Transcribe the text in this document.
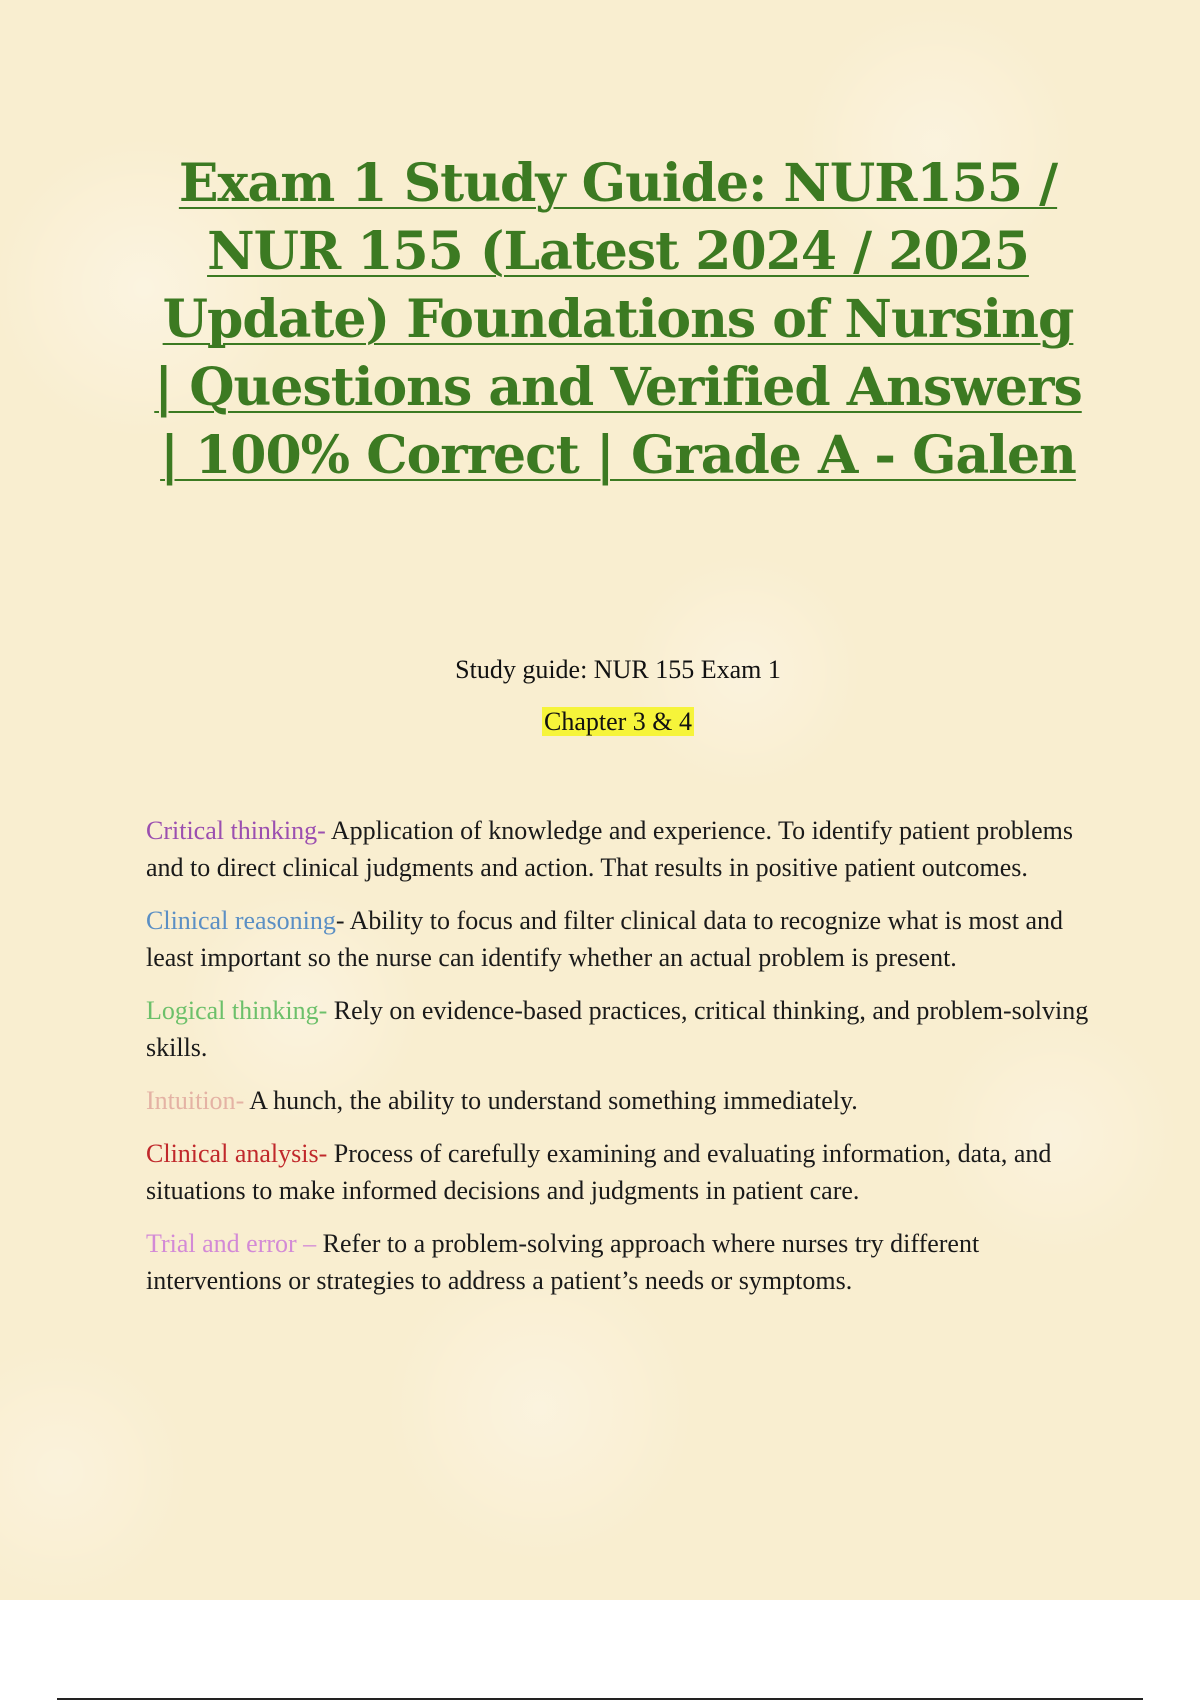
Exam 1 Study Guide: NUR155 / NUR 155 (Latest 2024 / 2025 Update) Foundations of Nursing | Questions and Verified Answers | 100% Correct | Grade A - Galen

Study guide: NUR 155 Exam 1

Chapter 3 & 4

Critical thinking- Application of knowledge and experience. To identify patient problems and to direct clinical judgments and action. That results in positive patient outcomes.

Clinical reasoning- Ability to focus and filter clinical data to recognize what is most and least important so the nurse can identify whether an actual problem is present.

Logical thinking- Rely on evidence-based practices, critical thinking, and problem-solving skills.

Intuition- A hunch, the ability to understand something immediately.

Clinical analysis- Process of carefully examining and evaluating information, data, and situations to make informed decisions and judgments in patient care.

Trial and error – Refer to a problem-solving approach where nurses try different interventions or strategies to address a patient’s needs or symptoms.
